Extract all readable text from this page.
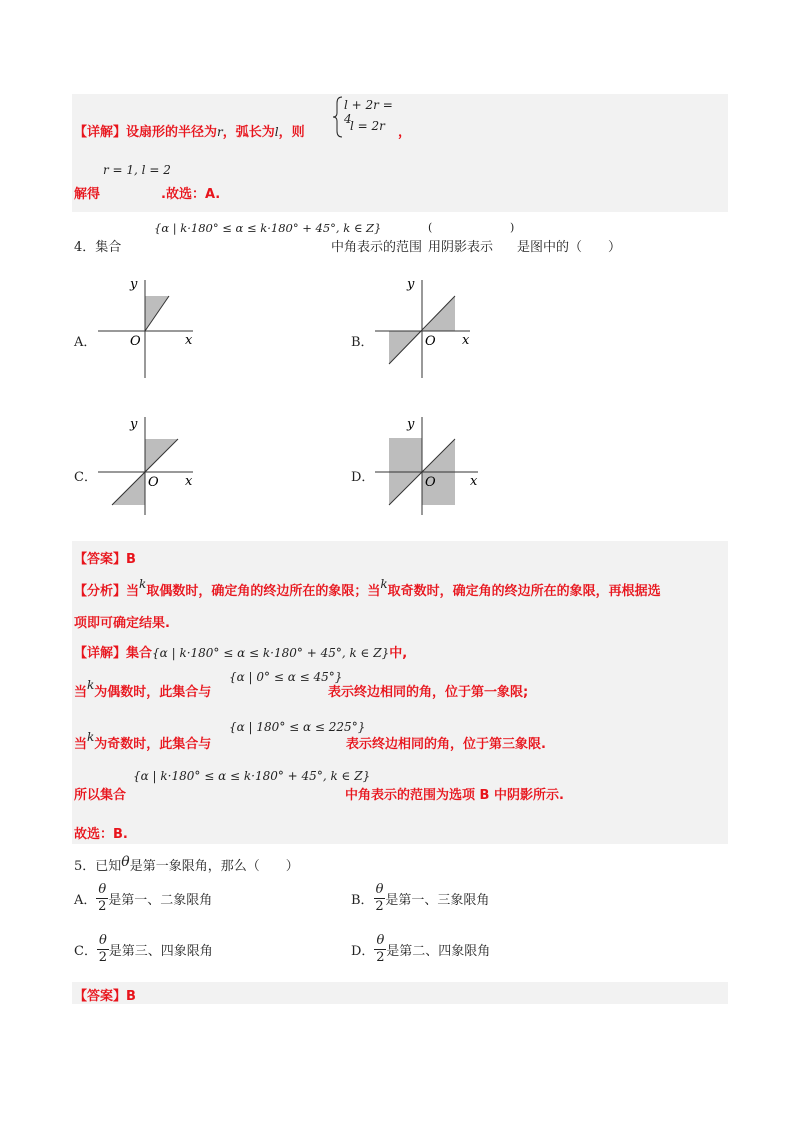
【详解】设扇形的半径为r，弧长为l，则
l + 2r = 4
l = 2r ，
r = 1, l = 2
解得	.故选：A.
4．集合
{α | k·180° ≤ α ≤ k·180° + 45°, k ∈ Z}
中角表示的范围
(
用阴影表示
)
是图中的（　　）
A．
y
x
O	B．
y
x
O
C．
y
x
O	D．
y
x
O
【答案】B
【分析】当k取偶数时，确定角的终边所在的象限；当k取奇数时，确定角的终边所在的象限，再根据选
项即可确定结果.
【详解】集合{α | k·180° ≤ α ≤ k·180° + 45°, k ∈ Z}中,
当k为偶数时，此集合与
{α | 0° ≤ α ≤ 45°}
表示终边相同的角，位于第一象限;
当k为奇数时，此集合与
{α | 180° ≤ α ≤ 225°}
表示终边相同的角，位于第三象限.
{α | k·180° ≤ α ≤ k·180° + 45°, k ∈ Z}
所以集合	中角表示的范围为选项 B 中阴影所示.
故选：B.
5．已知θ是第一象限角，那么（　　）
A． $\frac{\theta}{2}$ 是第一、二象限角	B． $\frac{\theta}{2}$ 是第一、三象限角
C． $\frac{\theta}{2}$ 是第三、四象限角	D． $\frac{\theta}{2}$ 是第二、四象限角
【答案】B
